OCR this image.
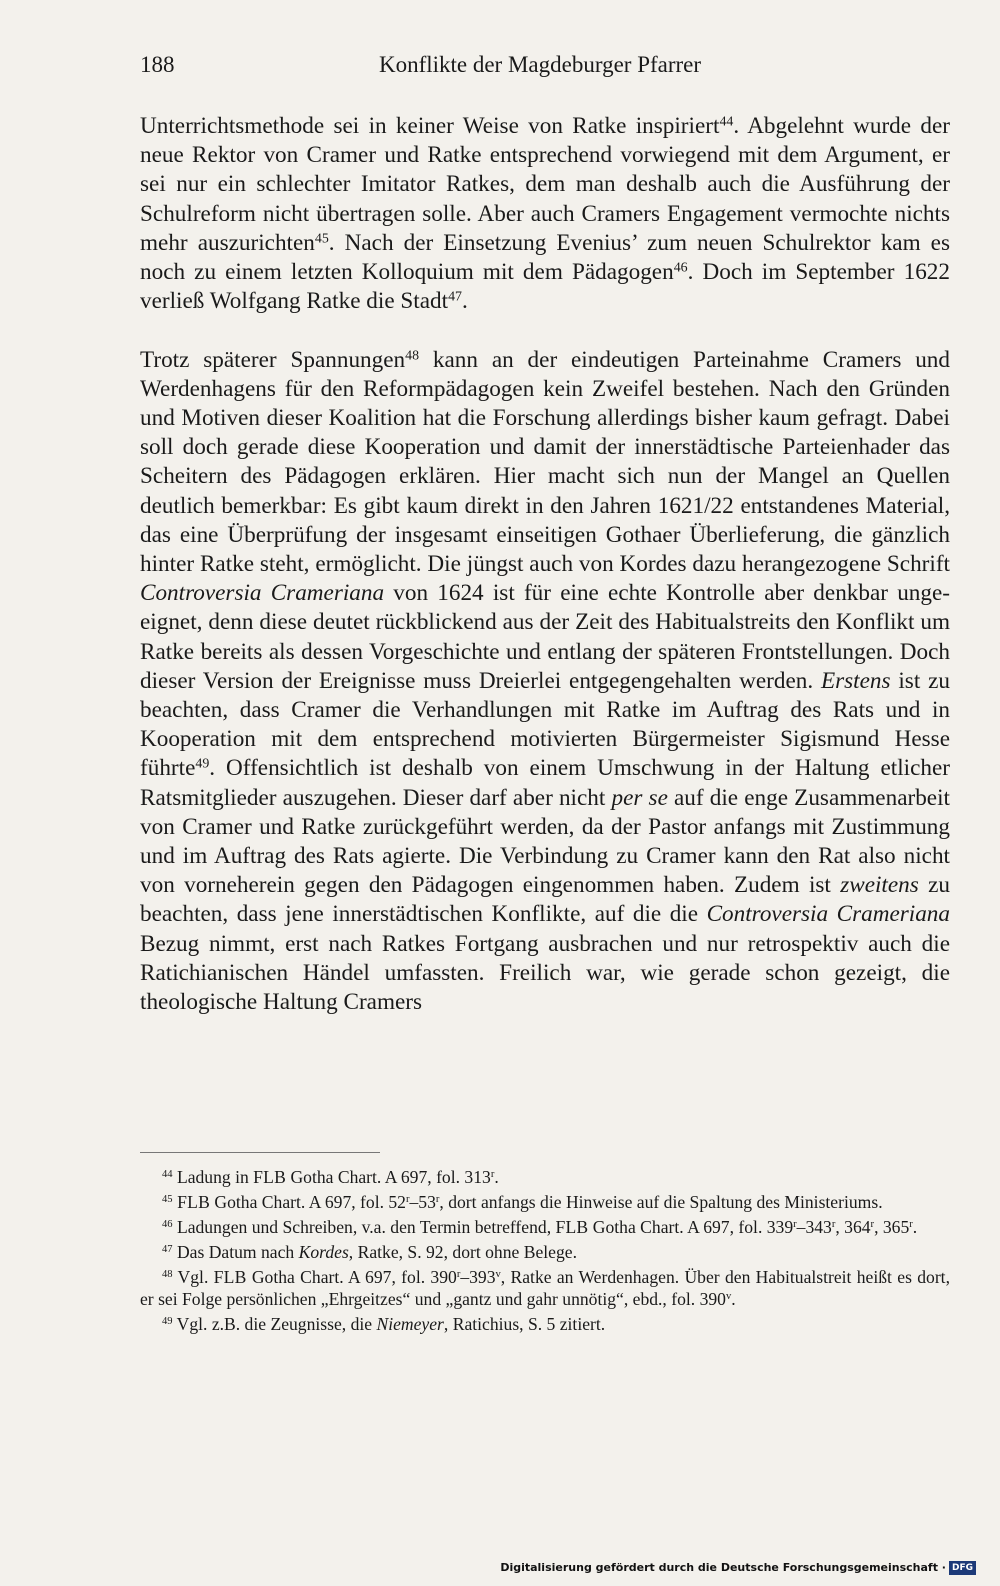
188	Konflikte der Magdeburger Pfarrer

Unterrichtsmethode sei in keiner Weise von Ratke inspiriert$^{44}$. Abgelehnt wurde der neue Rektor von Cramer und Ratke entsprechend vorwiegend mit dem Argument, er sei nur ein schlechter Imitator Ratkes, dem man deshalb auch die Ausführung der Schulreform nicht übertragen solle. Aber auch Cramers Engagement vermochte nichts mehr auszurichten$^{45}$. Nach der Einsetzung Evenius’ zum neuen Schulrektor kam es noch zu einem letzten Kolloquium mit dem Pädagogen$^{46}$. Doch im September 1622 verließ Wolfgang Ratke die Stadt$^{47}$.

Trotz späterer Spannungen$^{48}$ kann an der eindeutigen Parteinahme Cramers und Werdenhagens für den Reformpädagogen kein Zweifel bestehen. Nach den Gründen und Motiven dieser Koalition hat die Forschung allerdings bisher kaum gefragt. Dabei soll doch gerade diese Kooperation und damit der innerstädtische Parteienhader das Scheitern des Pädagogen erklären. Hier macht sich nun der Mangel an Quellen deutlich bemerkbar: Es gibt kaum direkt in den Jahren 1621/22 entstandenes Material, das eine Überprüfung der insgesamt einseitigen Gothaer Überlieferung, die gänzlich hinter Ratke steht, ermöglicht. Die jüngst auch von Kordes dazu herangezogene Schrift Controversia Crameriana von 1624 ist für eine echte Kontrolle aber denkbar ungeeignet, denn diese deutet rückblickend aus der Zeit des Habitualstreits den Konflikt um Ratke bereits als dessen Vorgeschichte und entlang der späteren Frontstellungen. Doch dieser Version der Ereignisse muss Dreierlei entgegengehalten werden. Erstens ist zu beachten, dass Cramer die Verhandlungen mit Ratke im Auftrag des Rats und in Kooperation mit dem entsprechend motivierten Bürgermeister Sigismund Hesse führte$^{49}$. Offensichtlich ist deshalb von einem Umschwung in der Haltung etlicher Ratsmitglieder auszugehen. Dieser darf aber nicht per se auf die enge Zusammenarbeit von Cramer und Ratke zurückgeführt werden, da der Pastor anfangs mit Zustimmung und im Auftrag des Rats agierte. Die Verbindung zu Cramer kann den Rat also nicht von vorneherein gegen den Pädagogen eingenommen haben. Zudem ist zweitens zu beachten, dass jene innerstädtischen Konflikte, auf die die Controversia Crameriana Bezug nimmt, erst nach Ratkes Fortgang ausbrachen und nur retrospektiv auch die Ratichianischen Händel umfassten. Freilich war, wie gerade schon gezeigt, die theologische Haltung Cramers

$^{44}$ Ladung in FLB Gotha Chart. A 697, fol. 313$^r$.

$^{45}$ FLB Gotha Chart. A 697, fol. 52$^r$–53$^r$, dort anfangs die Hinweise auf die Spaltung des Ministeriums.

$^{46}$ Ladungen und Schreiben, v.a. den Termin betreffend, FLB Gotha Chart. A 697, fol. 339$^r$–343$^r$, 364$^r$, 365$^r$.

$^{47}$ Das Datum nach Kordes, Ratke, S. 92, dort ohne Belege.

$^{48}$ Vgl. FLB Gotha Chart. A 697, fol. 390$^r$–393$^v$, Ratke an Werdenhagen. Über den Habitualstreit heißt es dort, er sei Folge persönlichen „Ehrgeitzes“ und „gantz und gahr unnötig“, ebd., fol. 390$^v$.

$^{49}$ Vgl. z.B. die Zeugnisse, die Niemeyer, Ratichius, S. 5 zitiert.

Digitalisierung gefördert durch die Deutsche Forschungsgemeinschaft · DFG
